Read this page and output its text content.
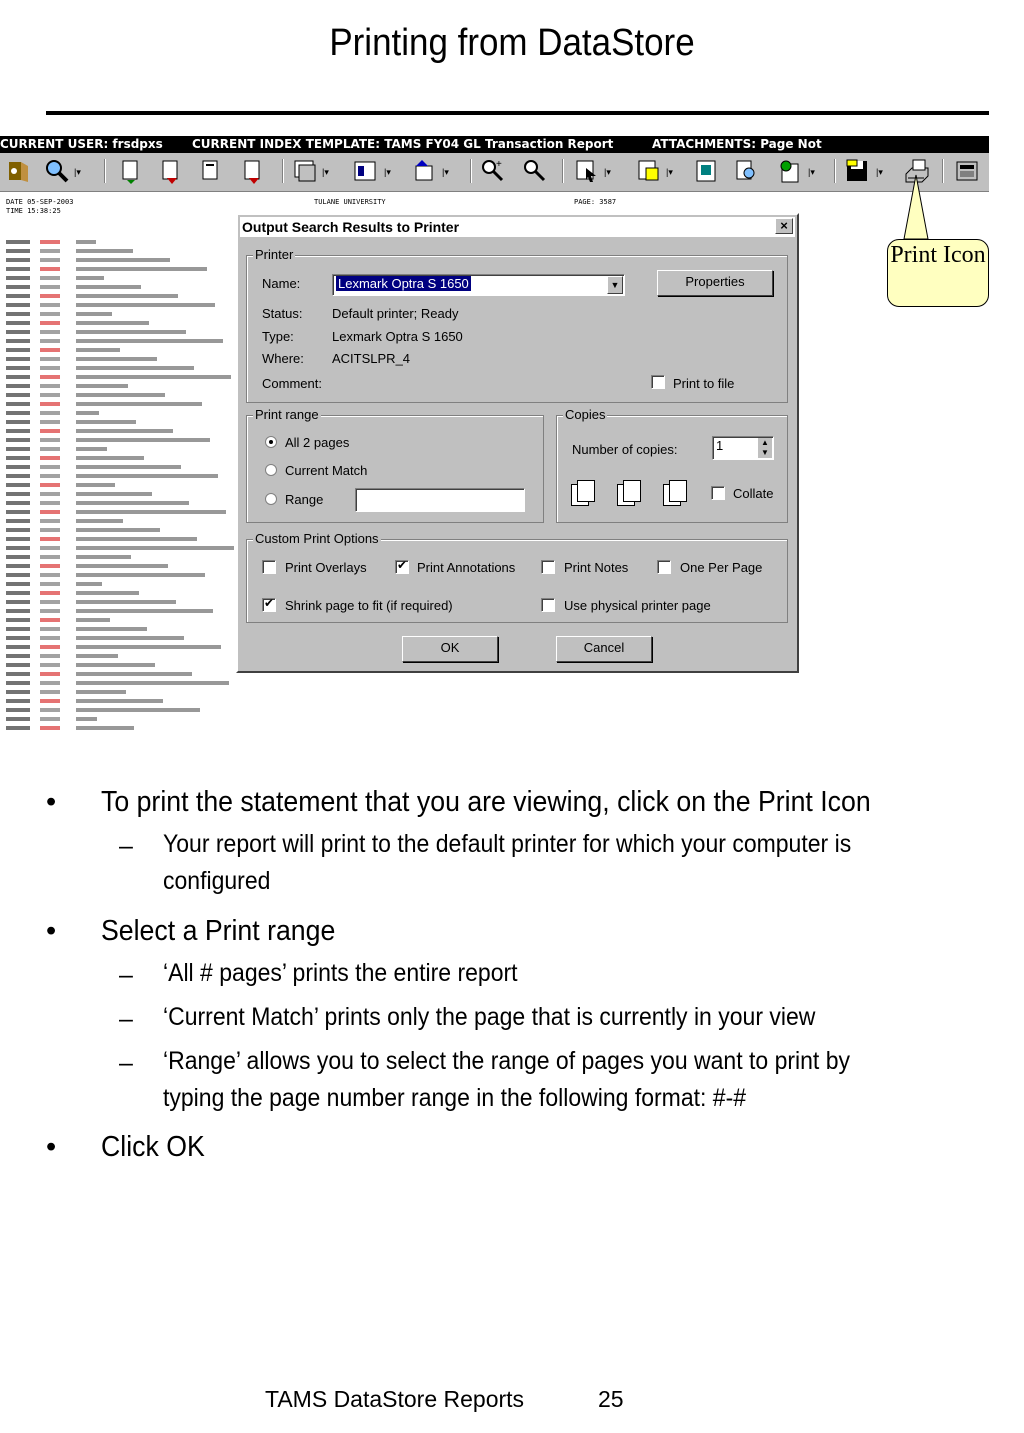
Printing from DataStore
CURRENT USER: frsdpxs CURRENT INDEX TEMPLATE: TAMS FY04 GL Transaction Report	ATTACHMENTS: Page Not
|▾	|▾	|▾	|▾
+
|▾	|▾	|▾	|▾
DATE 05-SEP-2003
TIME 15:38:25
TULANE UNIVERSITY	PAGE: 3587
Output Search Results to Printer	×
Printer
Name:	Lexmark Optra S 1650	▼	Properties
Status: Default printer; Ready
Type:	Lexmark Optra S 1650
Where: ACITSLPR_4
Comment:	Print to file
Print range
All 2 pages
Current Match
Range
Copies
Number of copies:	1	▲
▼
Collate
Custom Print Options
Print Overlays
✔	Print Annotations	Print Notes	One Per Page
✔
Shrink page to fit (if required)	Use physical printer page
OK	Cancel
Print Icon
• To print the statement that you are viewing, click on the Print Icon
– Your report will print to the default printer for which your computer is configured
• Select a Print range
– ‘All # pages’ prints the entire report
– ‘Current Match’ prints only the page that is currently in your view
– ‘Range’ allows you to select the range of pages you want to print by typing the page number range in the following format: #-#
• Click OK
TAMS DataStore Reports	25
